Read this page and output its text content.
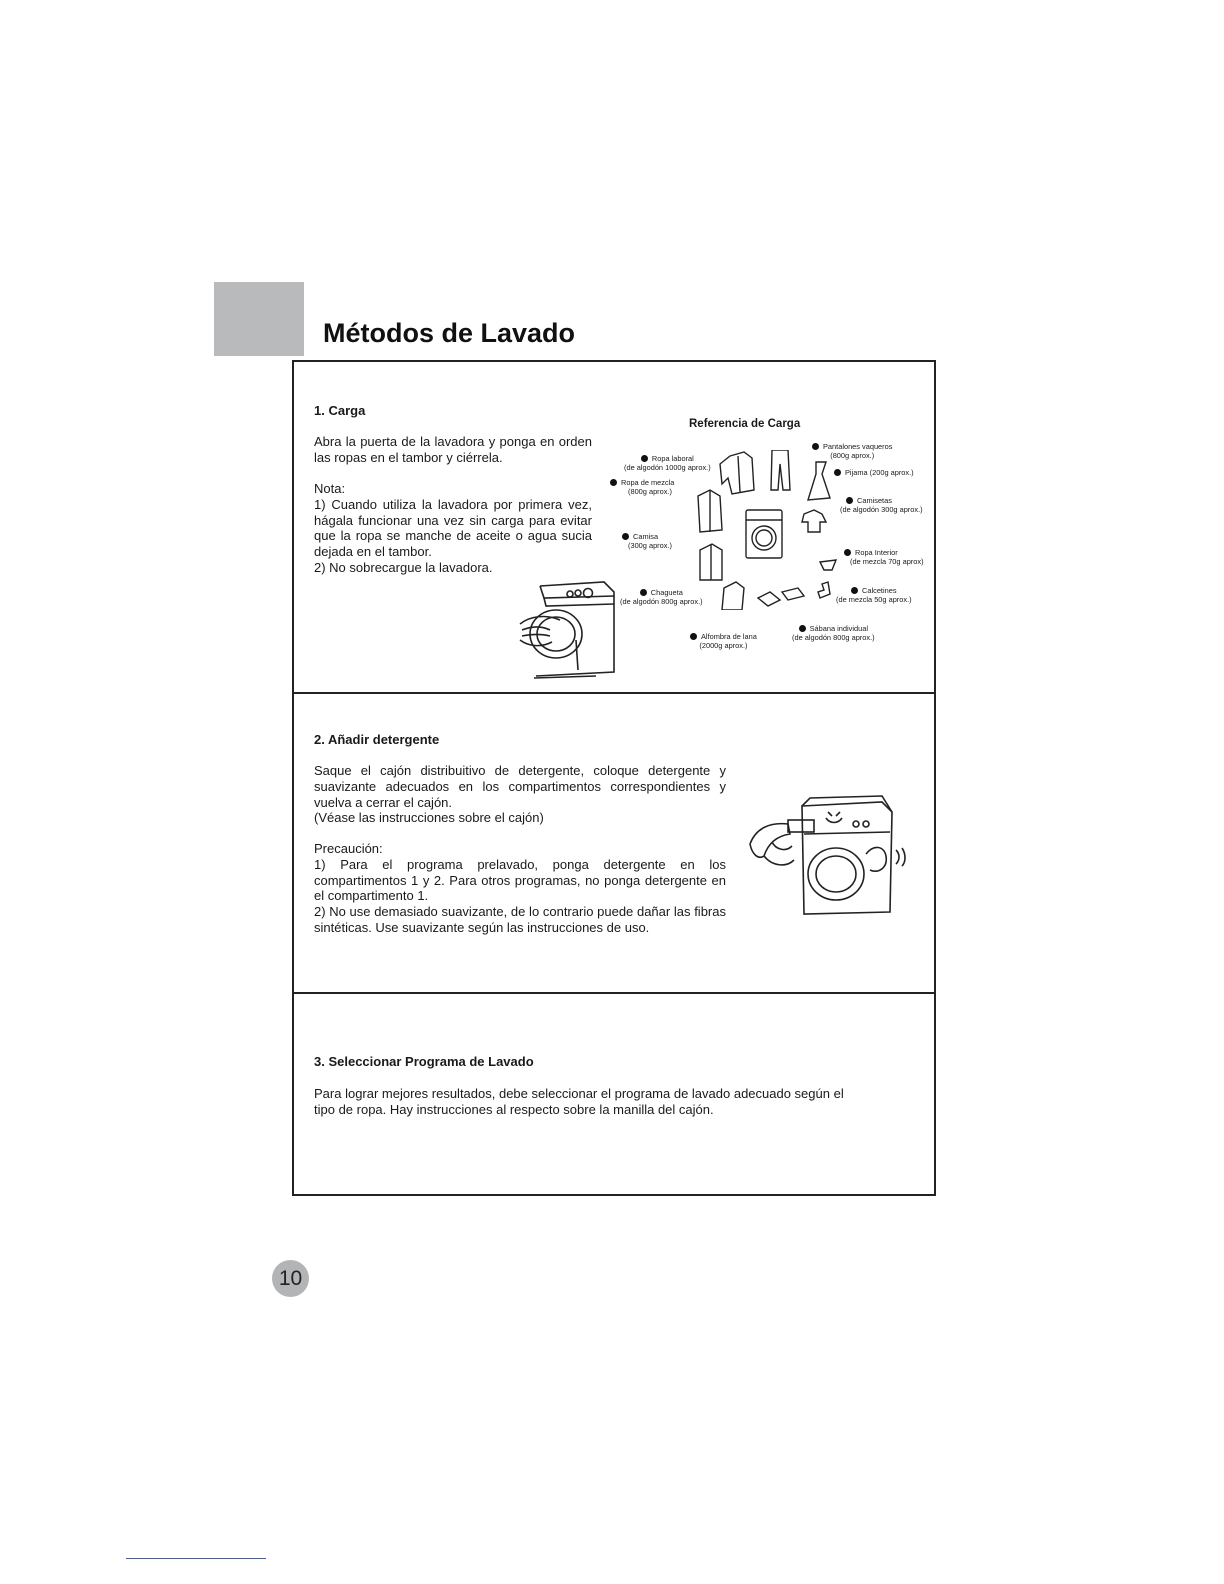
Métodos de Lavado
1. Carga

Abra la puerta de la lavadora y ponga en orden las ropas en el tambor y ciérrela.

Nota:
1) Cuando utiliza la lavadora por primera vez, hágala funcionar una vez sin carga para evitar que la ropa se manche de aceite o agua sucia dejada en el tambor.
2) No sobrecargue la lavadora.

Referencia de Carga
Ropa laboral
(de algodón 1000g aprox.)
Ropa de mezcla
(800g aprox.)
Camisa
(300g aprox.)
Chagueta
(de algodón 800g aprox.)
Alfombra de lana
(2000g aprox.)
Sábana individual
(de algodón 800g aprox.)
Calcetines
(de mezcla 50g aprox.)
Ropa Interior
(de mezcla 70g aprox)
Camisetas
(de algodón 300g aprox.)
Pijama (200g aprox.)
Pantalones vaqueros
(800g aprox.)
2. Añadir detergente

Saque el cajón distribuitivo de detergente, coloque detergente y suavizante adecuados en los compartimentos correspondientes y vuelva a cerrar el cajón.
(Véase las instrucciones sobre el cajón)

Precaución:
1) Para el programa prelavado, ponga detergente en los compartimentos 1 y 2. Para otros programas, no ponga detergente en el compartimento 1.
2) No use demasiado suavizante, de lo contrario puede dañar las fibras sintéticas. Use suavizante según las instrucciones de uso.

3. Seleccionar Programa de Lavado

Para lograr mejores resultados, debe seleccionar el programa de lavado adecuado según el tipo de ropa. Hay instrucciones al respecto sobre la manilla del cajón.

10
